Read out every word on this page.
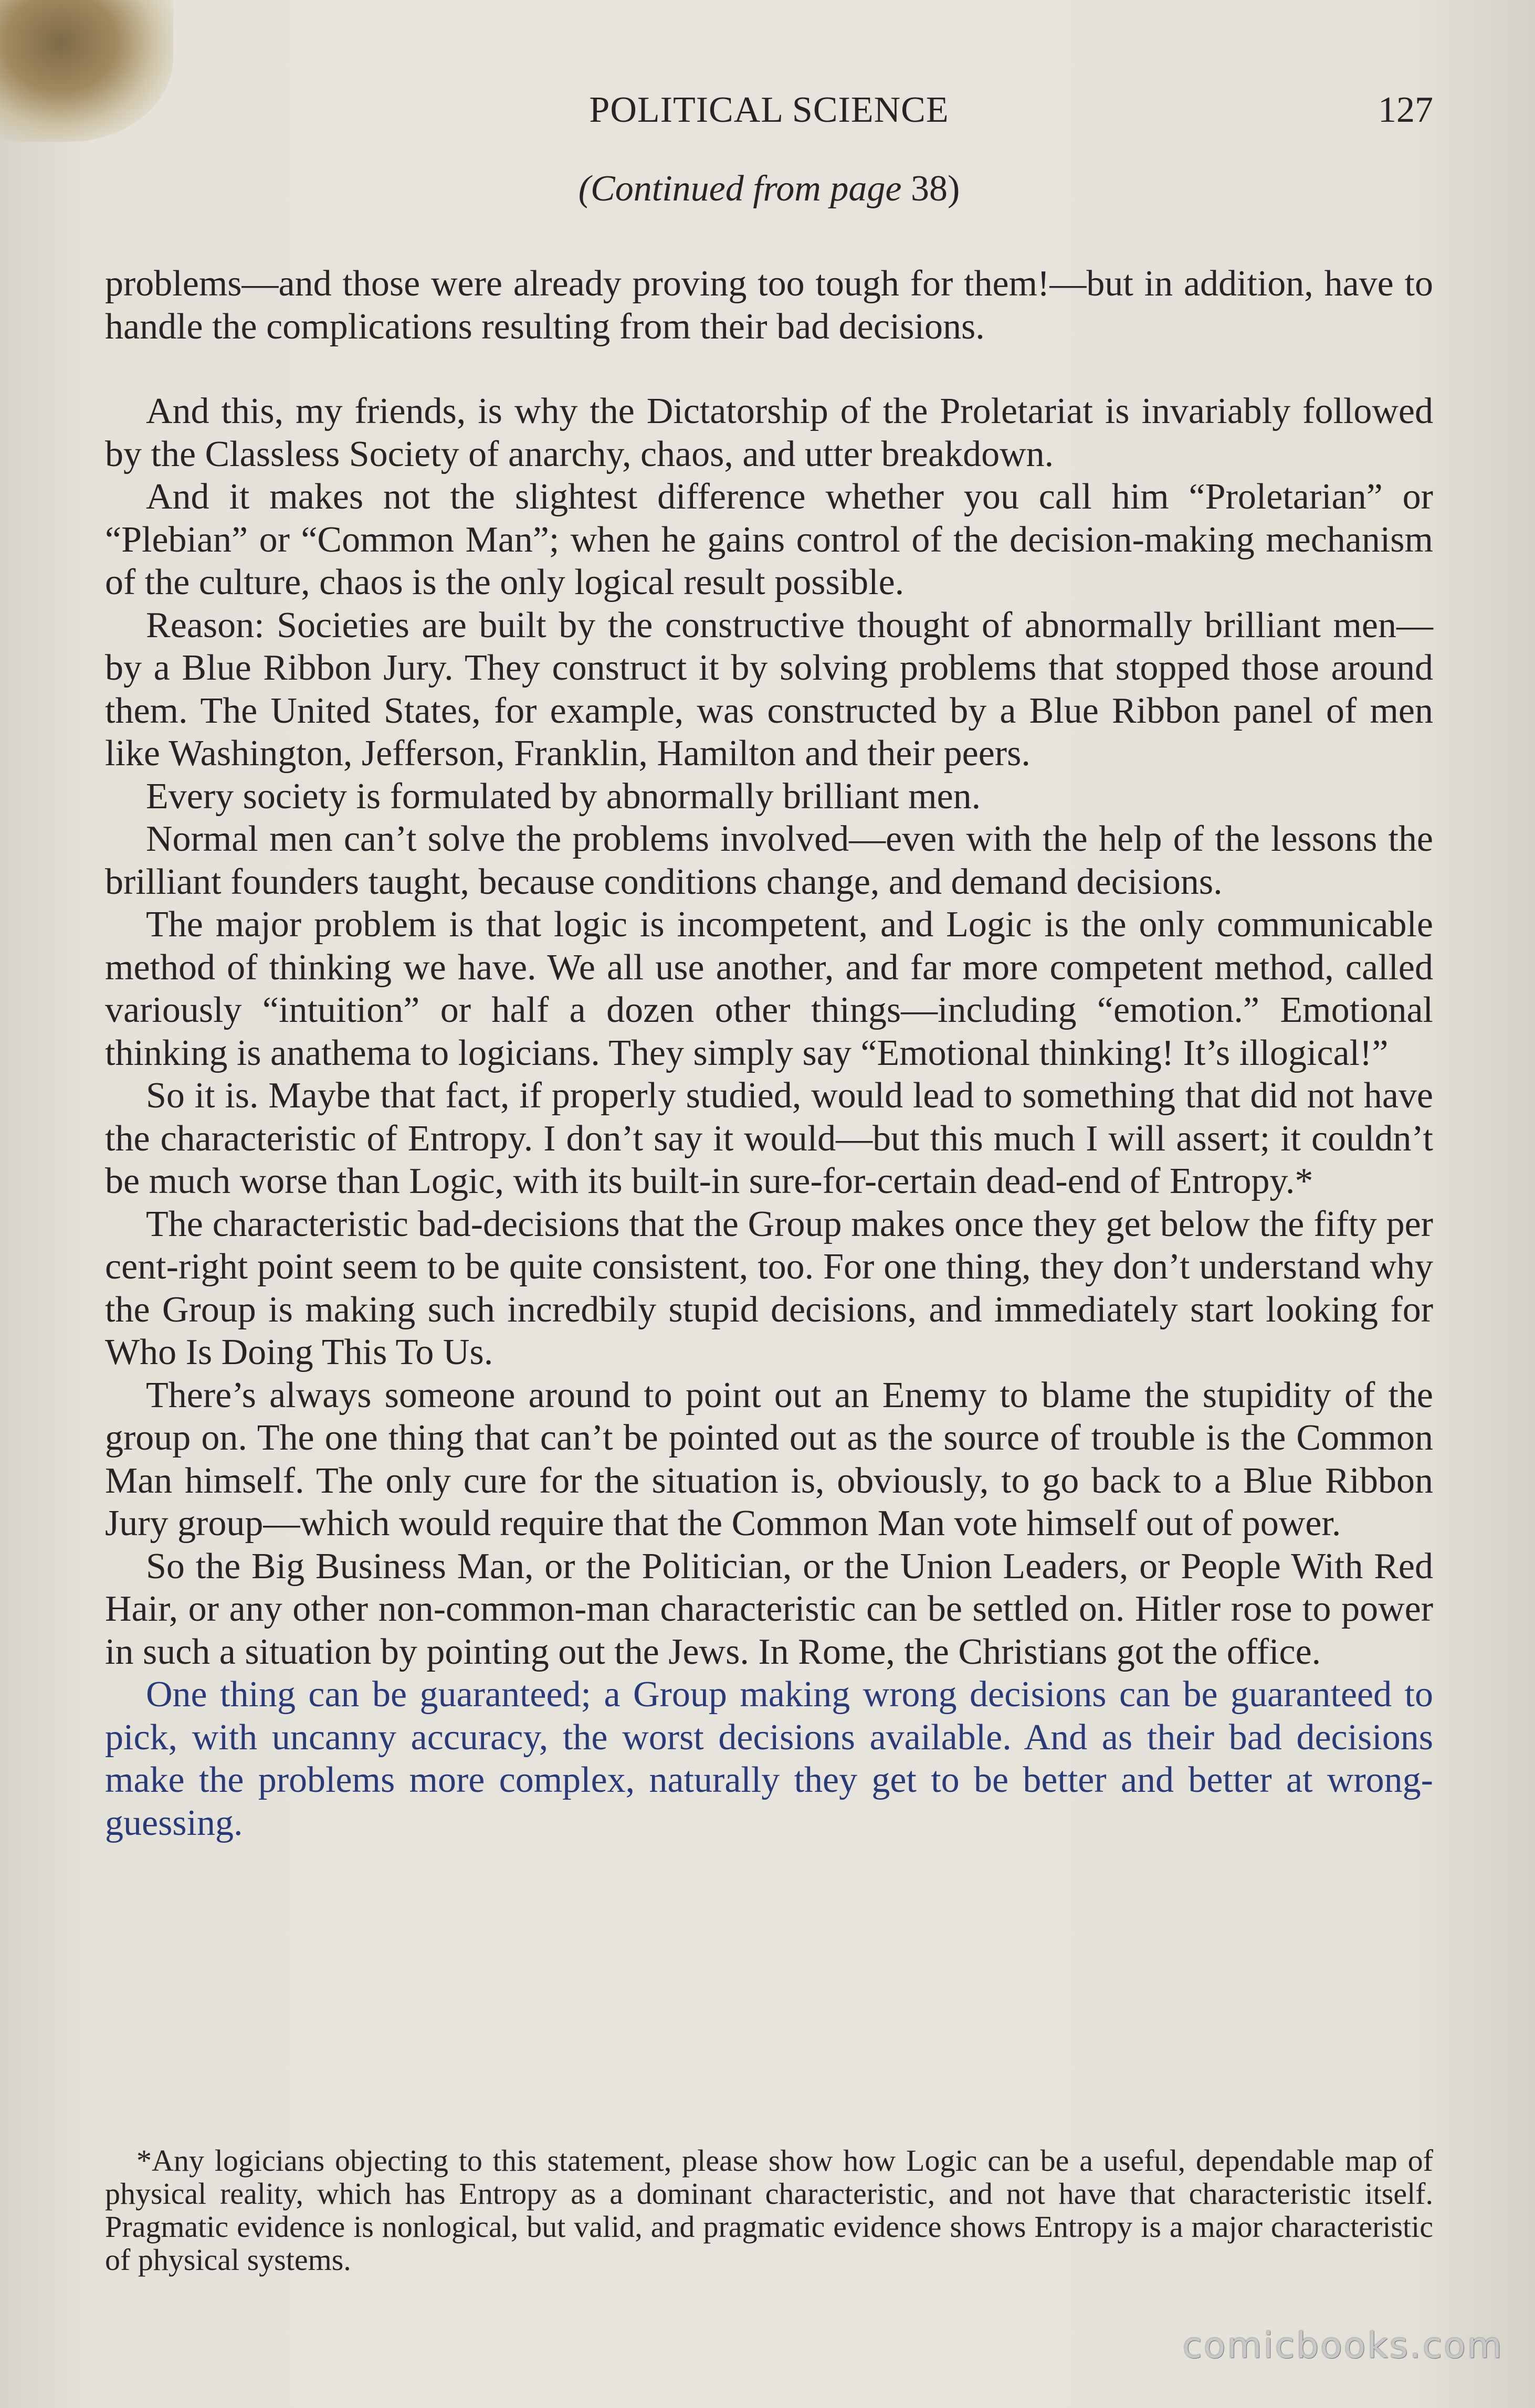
POLITICAL SCIENCE	127
(Continued from page 38)

problems—and those were already proving too tough for them!—but in addition, have to handle the complications resulting from their bad decisions.

And this, my friends, is why the Dictatorship of the Proletariat is invariably followed by the Classless Society of anarchy, chaos, and utter breakdown.

And it makes not the slightest difference whether you call him “Proletarian” or “Plebian” or “Common Man”; when he gains control of the decision-making mechanism of the culture, chaos is the only logical result possible.

Reason: Societies are built by the constructive thought of abnormally brilliant men—by a Blue Ribbon Jury. They construct it by solving problems that stopped those around them. The United States, for example, was constructed by a Blue Ribbon panel of men like Washington, Jefferson, Franklin, Hamilton and their peers.

Every society is formulated by abnormally brilliant men.

Normal men can’t solve the problems involved—even with the help of the lessons the brilliant founders taught, because conditions change, and demand decisions.

The major problem is that logic is incompetent, and Logic is the only communicable method of thinking we have. We all use another, and far more competent method, called variously “intuition” or half a dozen other things—including “emotion.” Emotional thinking is anathema to logicians. They simply say “Emotional thinking! It’s illogical!”

So it is. Maybe that fact, if properly studied, would lead to something that did not have the characteristic of Entropy. I don’t say it would—but this much I will assert; it couldn’t be much worse than Logic, with its built-in sure-for-certain dead-end of Entropy.*

The characteristic bad-decisions that the Group makes once they get below the fifty per cent-right point seem to be quite consistent, too. For one thing, they don’t understand why the Group is making such incredbily stupid decisions, and immediately start looking for Who Is Doing This To Us.

There’s always someone around to point out an Enemy to blame the stupidity of the group on. The one thing that can’t be pointed out as the source of trouble is the Common Man himself. The only cure for the situation is, obviously, to go back to a Blue Ribbon Jury group—which would require that the Common Man vote himself out of power.

So the Big Business Man, or the Politician, or the Union Leaders, or People With Red Hair, or any other non-common-man characteristic can be settled on. Hitler rose to power in such a situation by pointing out the Jews. In Rome, the Christians got the office.

One thing can be guaranteed; a Group making wrong decisions can be guaranteed to pick, with uncanny accuracy, the worst decisions available. And as their bad decisions make the problems more complex, naturally they get to be better and better at wrong-guessing.

*Any logicians objecting to this statement, please show how Logic can be a useful, dependable map of physical reality, which has Entropy as a dominant characteristic, and not have that characteristic itself. Pragmatic evidence is nonlogical, but valid, and pragmatic evidence shows Entropy is a major characteristic of physical systems.

comicbooks.com
